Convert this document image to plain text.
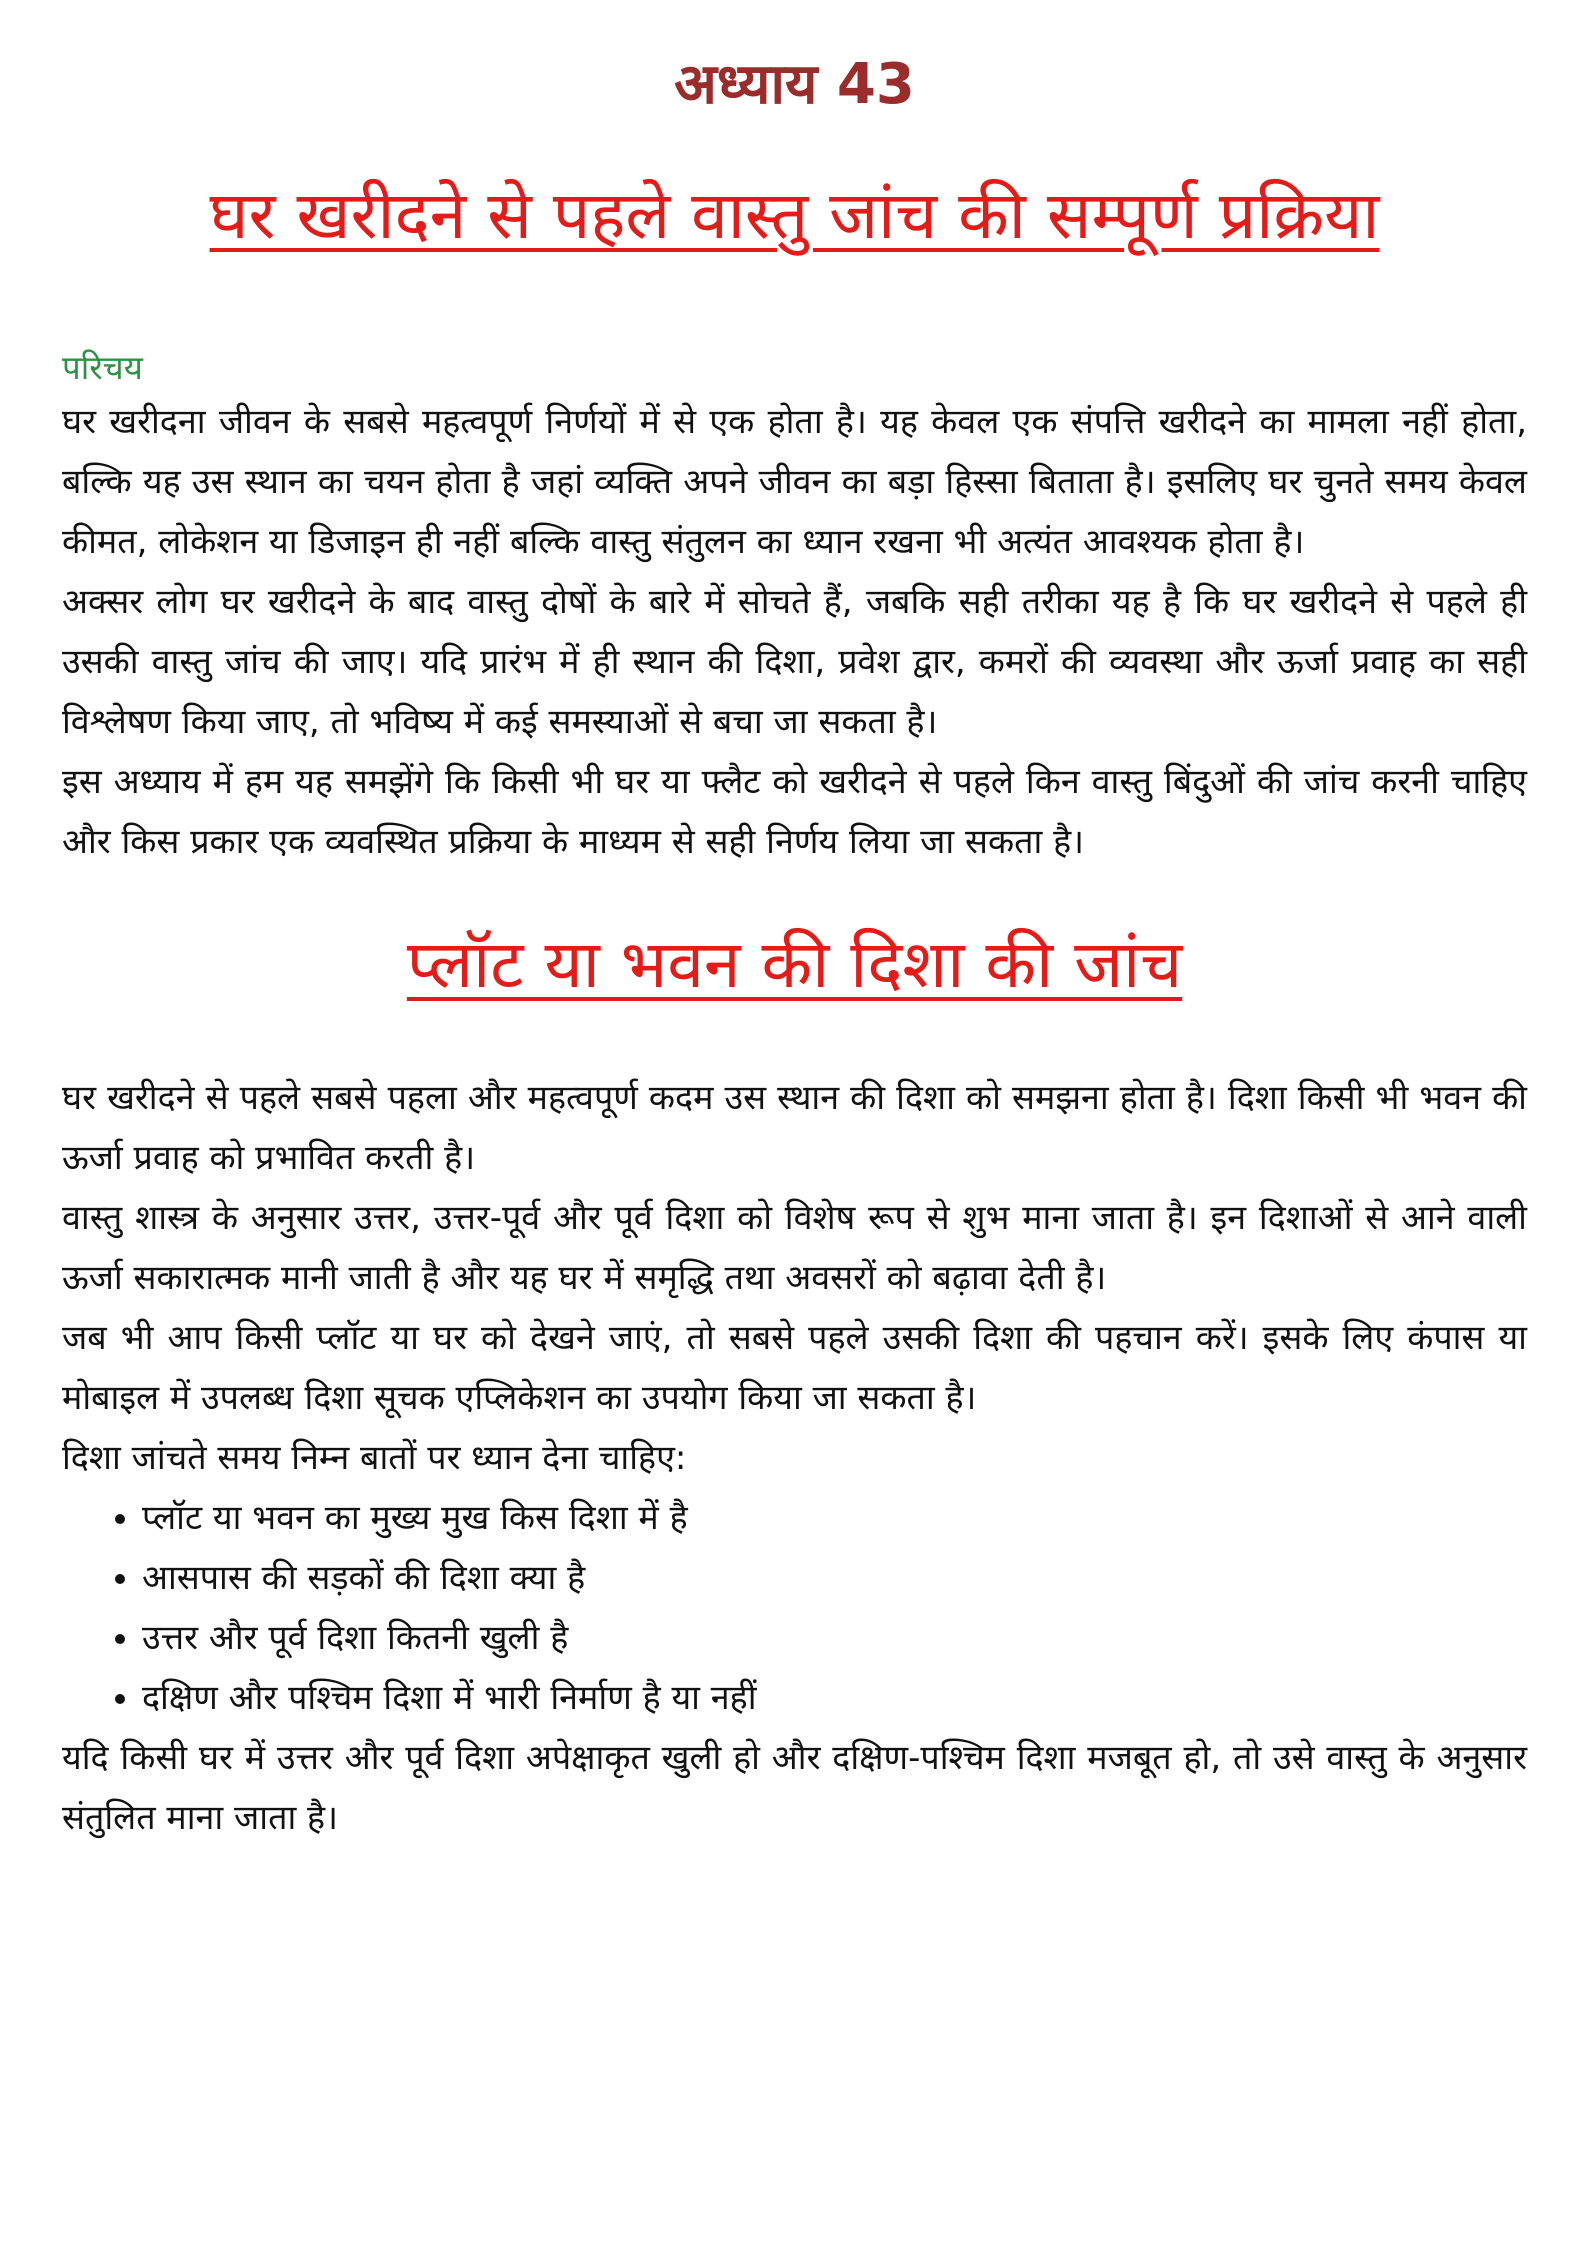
अध्याय 43
घर खरीदने से पहले वास्तु जांच की सम्पूर्ण प्रक्रिया
परिचय

घर खरीदना जीवन के सबसे महत्वपूर्ण निर्णयों में से एक होता है। यह केवल एक संपत्ति खरीदने का मामला नहीं होता, बल्कि यह उस स्थान का चयन होता है जहां व्यक्ति अपने जीवन का बड़ा हिस्सा बिताता है। इसलिए घर चुनते समय केवल कीमत, लोकेशन या डिजाइन ही नहीं बल्कि वास्तु संतुलन का ध्यान रखना भी अत्यंत आवश्यक होता है।

अक्सर लोग घर खरीदने के बाद वास्तु दोषों के बारे में सोचते हैं, जबकि सही तरीका यह है कि घर खरीदने से पहले ही उसकी वास्तु जांच की जाए। यदि प्रारंभ में ही स्थान की दिशा, प्रवेश द्वार, कमरों की व्यवस्था और ऊर्जा प्रवाह का सही विश्लेषण किया जाए, तो भविष्य में कई समस्याओं से बचा जा सकता है।

इस अध्याय में हम यह समझेंगे कि किसी भी घर या फ्लैट को खरीदने से पहले किन वास्तु बिंदुओं की जांच करनी चाहिए और किस प्रकार एक व्यवस्थित प्रक्रिया के माध्यम से सही निर्णय लिया जा सकता है।

प्लॉट या भवन की दिशा की जांच

घर खरीदने से पहले सबसे पहला और महत्वपूर्ण कदम उस स्थान की दिशा को समझना होता है। दिशा किसी भी भवन की ऊर्जा प्रवाह को प्रभावित करती है।

वास्तु शास्त्र के अनुसार उत्तर, उत्तर-पूर्व और पूर्व दिशा को विशेष रूप से शुभ माना जाता है। इन दिशाओं से आने वाली ऊर्जा सकारात्मक मानी जाती है और यह घर में समृद्धि तथा अवसरों को बढ़ावा देती है।

जब भी आप किसी प्लॉट या घर को देखने जाएं, तो सबसे पहले उसकी दिशा की पहचान करें। इसके लिए कंपास या मोबाइल में उपलब्ध दिशा सूचक एप्लिकेशन का उपयोग किया जा सकता है।

दिशा जांचते समय निम्न बातों पर ध्यान देना चाहिए:

• प्लॉट या भवन का मुख्य मुख किस दिशा में है
• आसपास की सड़कों की दिशा क्या है
• उत्तर और पूर्व दिशा कितनी खुली है
• दक्षिण और पश्चिम दिशा में भारी निर्माण है या नहीं

यदि किसी घर में उत्तर और पूर्व दिशा अपेक्षाकृत खुली हो और दक्षिण-पश्चिम दिशा मजबूत हो, तो उसे वास्तु के अनुसार संतुलित माना जाता है।
